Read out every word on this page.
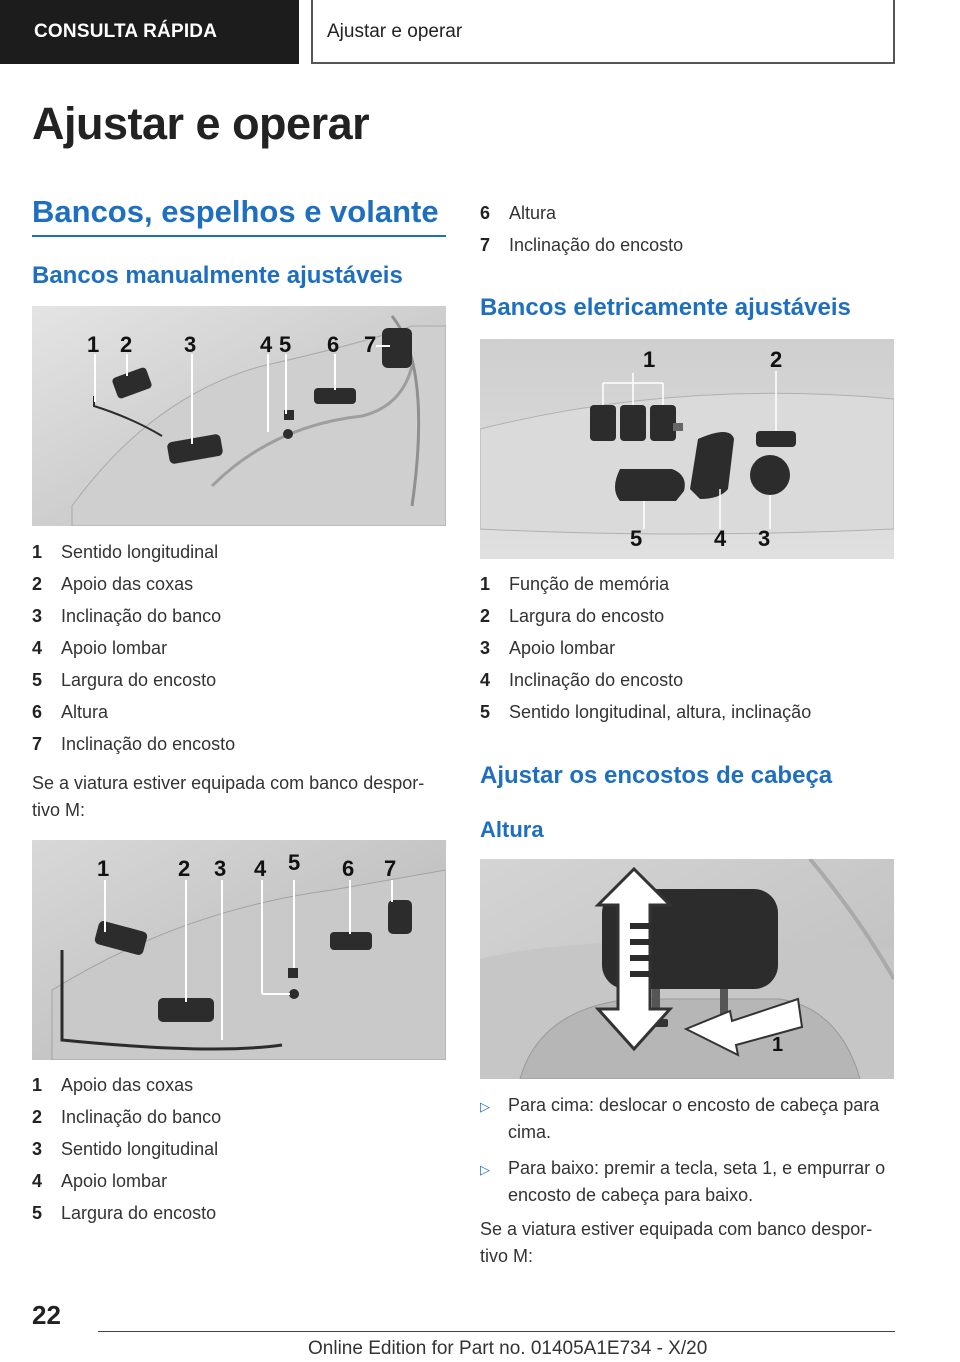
CONSULTA RÁPIDA	Ajustar e operar
Ajustar e operar
Bancos, espelhos e volante
Bancos manualmente ajustáveis
1 2 3	4 5 6 7
1	Sentido longitudinal
2	Apoio das coxas
3	Inclinação do banco
4	Apoio lombar
5	Largura do encosto
6	Altura
7	Inclinação do encosto

Se a viatura estiver equipada com banco despor-tivo M:

1	2 3 4 5 6 7
1	Apoio das coxas
2	Inclinação do banco
3	Sentido longitudinal
4	Apoio lombar
5	Largura do encosto
6	Altura
7	Inclinação do encosto
Bancos eletricamente ajustáveis
1	2
3
4
5
1	Função de memória
2	Largura do encosto
3	Apoio lombar
4	Inclinação do encosto
5	Sentido longitudinal, altura, inclinação
Ajustar os encostos de cabeça
Altura
1
▷	Para cima: deslocar o encosto de cabeça para cima.
▷	Para baixo: premir a tecla, seta 1, e empurrar o encosto de cabeça para baixo.

Se a viatura estiver equipada com banco despor-tivo M:

22
Online Edition for Part no. 01405A1E734 - X/20
